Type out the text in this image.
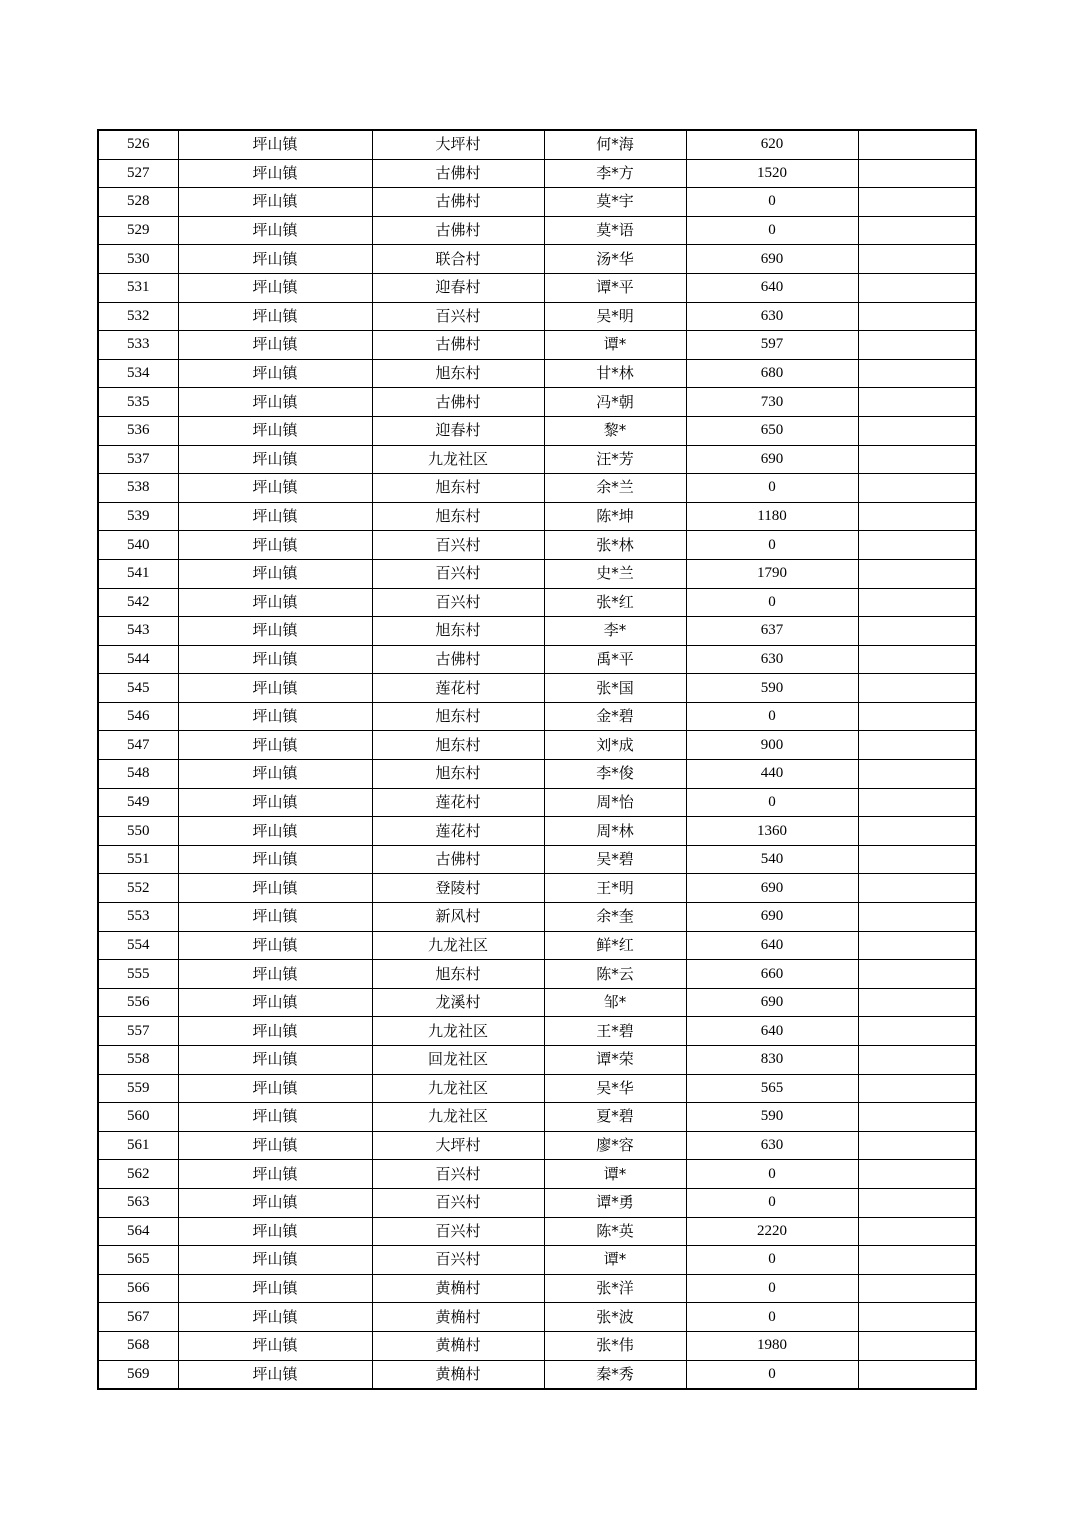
526	坪山镇	大坪村	何*海	620	
527	坪山镇	古佛村	李*方	1520	
528	坪山镇	古佛村	莫*宇	0	
529	坪山镇	古佛村	莫*语	0	
530	坪山镇	联合村	汤*华	690	
531	坪山镇	迎春村	谭*平	640	
532	坪山镇	百兴村	吴*明	630	
533	坪山镇	古佛村	谭*	597	
534	坪山镇	旭东村	甘*林	680	
535	坪山镇	古佛村	冯*朝	730	
536	坪山镇	迎春村	黎*	650	
537	坪山镇	九龙社区	汪*芳	690	
538	坪山镇	旭东村	余*兰	0	
539	坪山镇	旭东村	陈*坤	1180	
540	坪山镇	百兴村	张*林	0	
541	坪山镇	百兴村	史*兰	1790	
542	坪山镇	百兴村	张*红	0	
543	坪山镇	旭东村	李*	637	
544	坪山镇	古佛村	禹*平	630	
545	坪山镇	莲花村	张*国	590	
546	坪山镇	旭东村	金*碧	0	
547	坪山镇	旭东村	刘*成	900	
548	坪山镇	旭东村	李*俊	440	
549	坪山镇	莲花村	周*怡	0	
550	坪山镇	莲花村	周*林	1360	
551	坪山镇	古佛村	吴*碧	540	
552	坪山镇	登陵村	王*明	690	
553	坪山镇	新风村	余*奎	690	
554	坪山镇	九龙社区	鲜*红	640	
555	坪山镇	旭东村	陈*云	660	
556	坪山镇	龙溪村	邹*	690	
557	坪山镇	九龙社区	王*碧	640	
558	坪山镇	回龙社区	谭*荣	830	
559	坪山镇	九龙社区	吴*华	565	
560	坪山镇	九龙社区	夏*碧	590	
561	坪山镇	大坪村	廖*容	630	
562	坪山镇	百兴村	谭*	0	
563	坪山镇	百兴村	谭*勇	0	
564	坪山镇	百兴村	陈*英	2220	
565	坪山镇	百兴村	谭*	0	
566	坪山镇	黄桷村	张*洋	0	
567	坪山镇	黄桷村	张*波	0	
568	坪山镇	黄桷村	张*伟	1980	
569	坪山镇	黄桷村	秦*秀	0	
